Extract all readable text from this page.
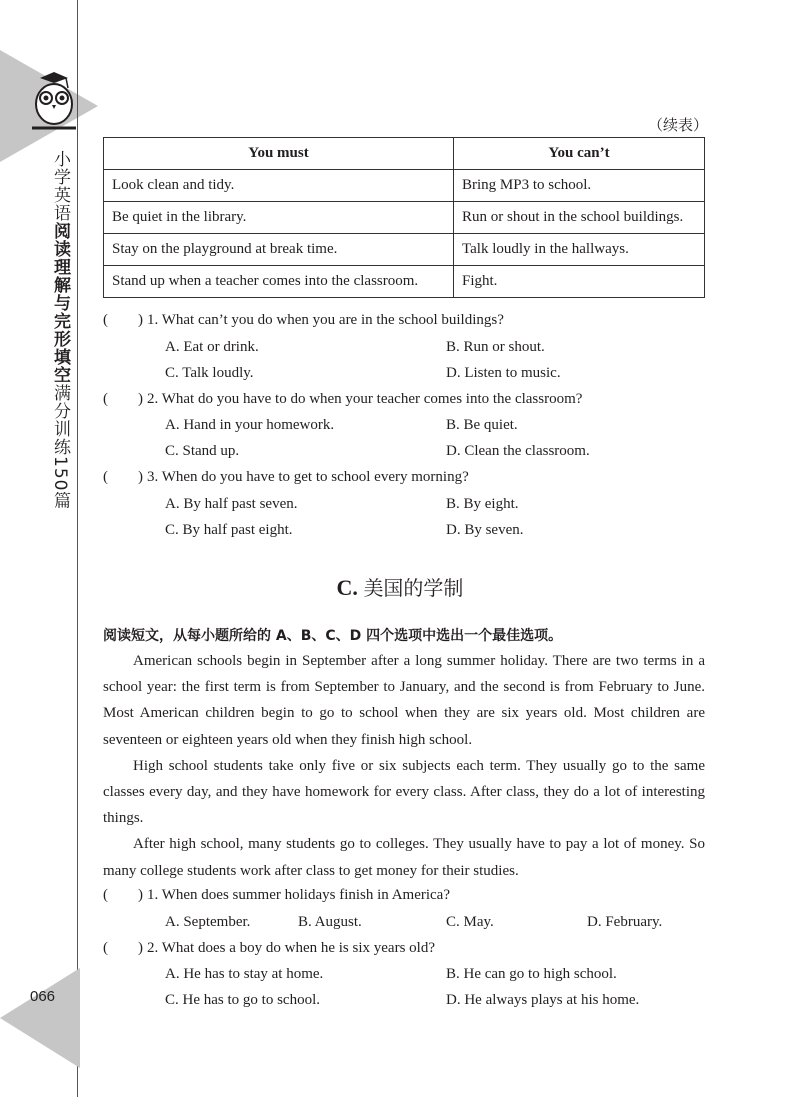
小学英语阅读理解与完形填空满分训练150篇
066
（续表）
You must	You can’t
Look clean and tidy.	Bring MP3 to school.
Be quiet in the library.	Run or shout in the school buildings.
Stay on the playground at break time.	Talk loudly in the hallways.
Stand up when a teacher comes into the classroom.	Fight.
(　　) 1. What can’t you do when you are in the school buildings?
A. Eat or drink.	B. Run or shout.
C. Talk loudly.	D. Listen to music.
(　　) 2. What do you have to do when your teacher comes into the classroom?
A. Hand in your homework.	B. Be quiet.
C. Stand up.	D. Clean the classroom.
(　　) 3. When do you have to get to school every morning?
A. By half past seven.	B. By eight.
C. By half past eight.	D. By seven.
C. 美国的学制
阅读短文，从每小题所给的 A、B、C、D 四个选项中选出一个最佳选项。

American schools begin in September after a long summer holiday. There are two terms in a school year: the first term is from September to January, and the second is from February to June. Most American children begin to go to school when they are six years old. Most children are seventeen or eighteen years old when they finish high school.

High school students take only five or six subjects each term. They usually go to the same classes every day, and they have homework for every class. After class, they do a lot of interesting things.

After high school, many students go to colleges. They usually have to pay a lot of money. So many college students work after class to get money for their studies.

(　　) 1. When does summer holidays finish in America?
A. September.	B. August.	C. May.	D. February.
(　　) 2. What does a boy do when he is six years old?
A. He has to stay at home.	B. He can go to high school.
C. He has to go to school.	D. He always plays at his home.
